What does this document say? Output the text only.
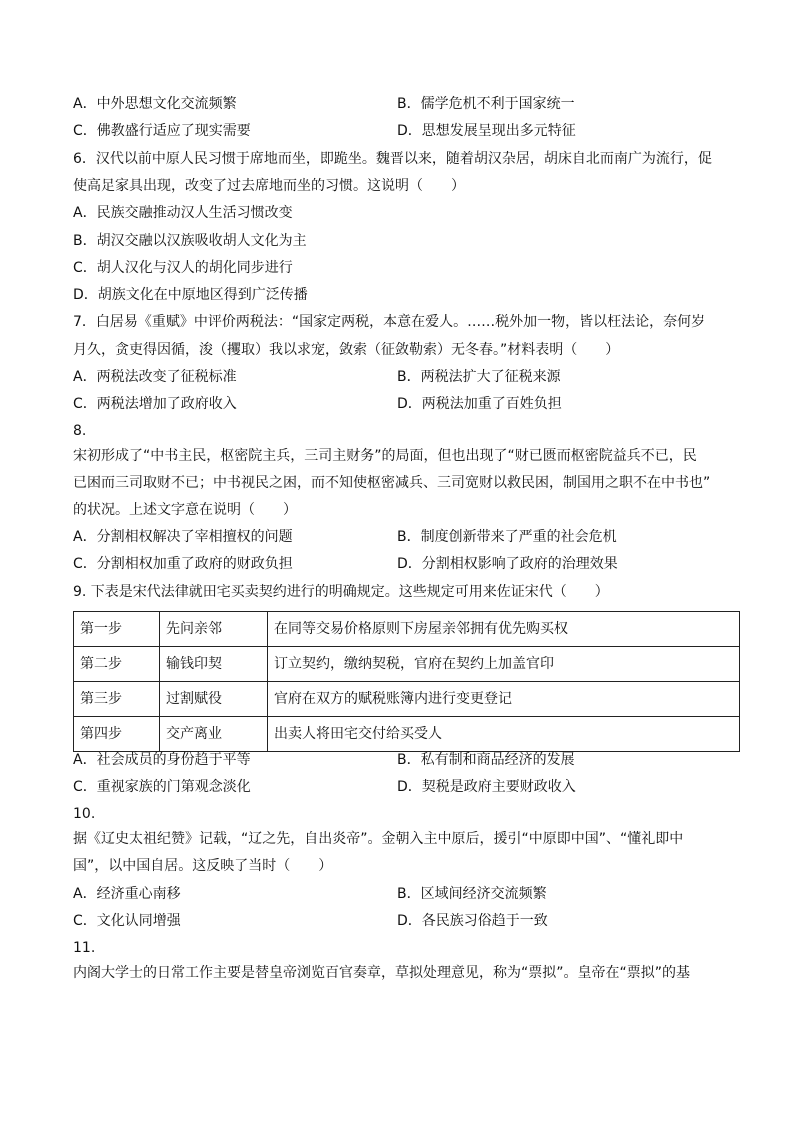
A．中外思想文化交流频繁	B．儒学危机不利于国家统一
C．佛教盛行适应了现实需要	D．思想发展呈现出多元特征
6．汉代以前中原人民习惯于席地而坐，即跪坐。魏晋以来，随着胡汉杂居，胡床自北而南广为流行，促
使高足家具出现，改变了过去席地而坐的习惯。这说明（　　）
A．民族交融推动汉人生活习惯改变
B．胡汉交融以汉族吸收胡人文化为主
C．胡人汉化与汉人的胡化同步进行
D．胡族文化在中原地区得到广泛传播
7．白居易《重赋》中评价两税法：“国家定两税，本意在爱人。……税外加一物，皆以枉法论，奈何岁
月久，贪吏得因循，浚（攫取）我以求宠，敛索（征敛勒索）无冬春。”材料表明（　　）
A．两税法改变了征税标准	B．两税法扩大了征税来源
C．两税法增加了政府收入	D．两税法加重了百姓负担
8.
宋初形成了“中书主民，枢密院主兵，三司主财务”的局面，但也出现了“财已匮而枢密院益兵不已，民
已困而三司取财不已；中书视民之困，而不知使枢密减兵、三司宽财以救民困，制国用之职不在中书也”
的状况。上述文字意在说明（　　）
A．分割相权解决了宰相擅权的问题	B．制度创新带来了严重的社会危机
C．分割相权加重了政府的财政负担	D．分割相权影响了政府的治理效果
9. 下表是宋代法律就田宅买卖契约进行的明确规定。这些规定可用来佐证宋代（　　）
第一步	先问亲邻	在同等交易价格原则下房屋亲邻拥有优先购买权
第二步	输钱印契	订立契约，缴纳契税，官府在契约上加盖官印
第三步	过割赋役	官府在双方的赋税账簿内进行变更登记
第四步	交产离业	出卖人将田宅交付给买受人
A．社会成员的身份趋于平等	B．私有制和商品经济的发展
C．重视家族的门第观念淡化	D．契税是政府主要财政收入
10.
据《辽史太祖纪赞》记载，“辽之先，自出炎帝”。金朝入主中原后，援引“中原即中国”、“懂礼即中
国”，以中国自居。这反映了当时（　　）
A．经济重心南移	B．区域间经济交流频繁
C．文化认同增强	D．各民族习俗趋于一致
11.
内阁大学士的日常工作主要是替皇帝浏览百官奏章，草拟处理意见，称为“票拟”。皇帝在“票拟”的基
